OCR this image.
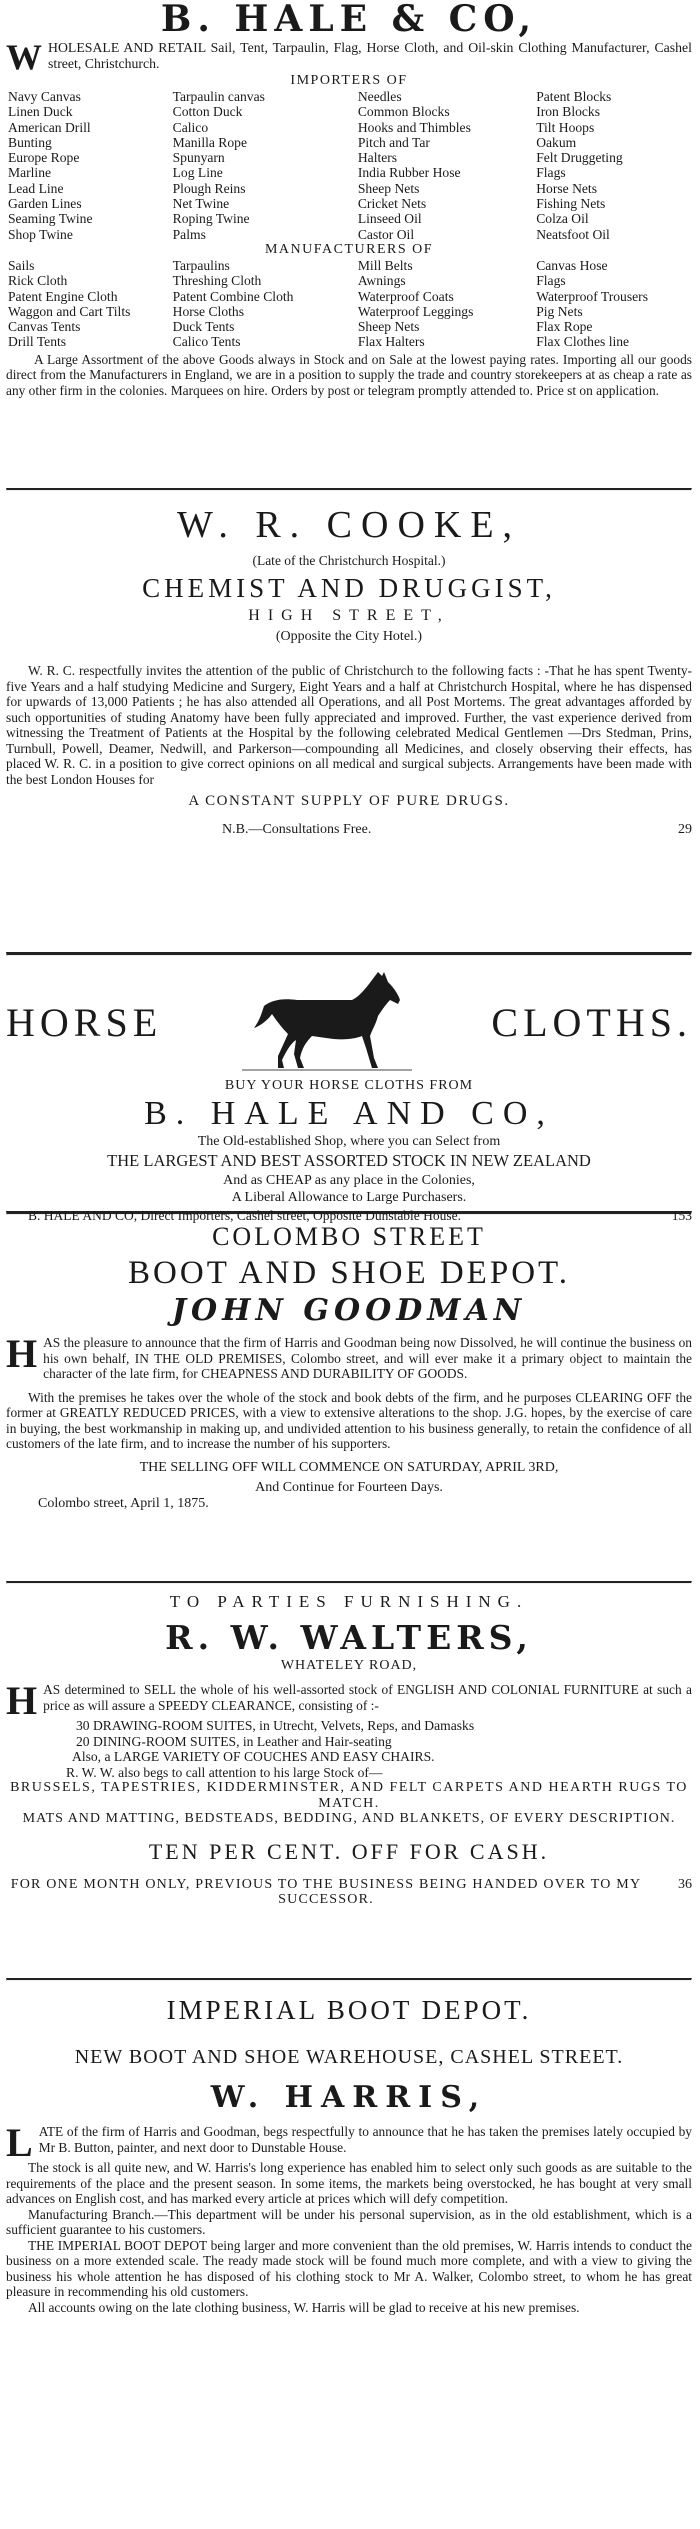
B. HALE & CO,
W HOLESALE AND RETAIL Sail, Tent, Tarpaulin, Flag, Horse Cloth, and Oil-skin Clothing Manufacturer, Cashel street, Christchurch.

IMPORTERS OF
Navy Canvas	Tarpaulin canvas	Needles	Patent Blocks
Linen Duck	Cotton Duck	Common Blocks	Iron Blocks
American Drill	Calico	Hooks and Thimbles	Tilt Hoops
Bunting	Manilla Rope	Pitch and Tar	Oakum
Europe Rope	Spunyarn	Halters	Felt Druggeting
Marline	Log Line	India Rubber Hose	Flags
Lead Line	Plough Reins	Sheep Nets	Horse Nets
Garden Lines	Net Twine	Cricket Nets	Fishing Nets
Seaming Twine	Roping Twine	Linseed Oil	Colza Oil
Shop Twine	Palms	Castor Oil	Neatsfoot Oil
MANUFACTURERS OF
Sails	Tarpaulins	Mill Belts	Canvas Hose
Rick Cloth	Threshing Cloth	Awnings	Flags
Patent Engine Cloth	Patent Combine Cloth	Waterproof Coats	Waterproof Trousers
Waggon and Cart Tilts	Horse Cloths	Waterproof Leggings	Pig Nets
Canvas Tents	Duck Tents	Sheep Nets	Flax Rope
Drill Tents	Calico Tents	Flax Halters	Flax Clothes line

A Large Assortment of the above Goods always in Stock and on Sale at the lowest paying rates. Importing all our goods direct from the Manufacturers in England, we are in a position to supply the trade and country storekeepers at as cheap a rate as any other firm in the colonies. Marquees on hire. Orders by post or telegram promptly attended to. Price st on application.

W. R. COOKE,
(Late of the Christchurch Hospital.)
CHEMIST AND DRUGGIST,
HIGH STREET,
(Opposite the City Hotel.)

W. R. C. respectfully invites the attention of the public of Christchurch to the following facts : -That he has spent Twenty-five Years and a half studying Medicine and Surgery, Eight Years and a half at Christchurch Hospital, where he has dispensed for upwards of 13,000 Patients ; he has also attended all Operations, and all Post Mortems. The great advantages afforded by such opportunities of studing Anatomy have been fully appreciated and improved. Further, the vast experience derived from witnessing the Treatment of Patients at the Hospital by the following celebrated Medical Gentlemen —Drs Stedman, Prins, Turnbull, Powell, Deamer, Nedwill, and Parkerson—compounding all Medicines, and closely observing their effects, has placed W. R. C. in a position to give correct opinions on all medical and surgical subjects. Arrangements have been made with the best London Houses for

A CONSTANT SUPPLY OF PURE DRUGS.
N.B.—Consultations Free.	29
HORSE	CLOTHS.
BUY YOUR HORSE CLOTHS FROM
B. HALE AND CO,
The Old-established Shop, where you can Select from
THE LARGEST AND BEST ASSORTED STOCK IN NEW ZEALAND
And as CHEAP as any place in the Colonies,
A Liberal Allowance to Large Purchasers.
B. HALE AND CO, Direct Importers, Cashel street, Opposite Dunstable House.	153
COLOMBO STREET
BOOT AND SHOE DEPOT.
JOHN GOODMAN
H AS the pleasure to announce that the firm of Harris and Goodman being now Dissolved, he will continue the business on his own behalf, IN THE OLD PREMISES, Colombo street, and will ever make it a primary object to maintain the character of the late firm, for CHEAPNESS AND DURABILITY OF GOODS.

With the premises he takes over the whole of the stock and book debts of the firm, and he purposes CLEARING OFF the former at GREATLY REDUCED PRICES, with a view to extensive alterations to the shop. J.G. hopes, by the exercise of care in buying, the best workmanship in making up, and undivided attention to his business generally, to retain the confidence of all customers of the late firm, and to increase the number of his supporters.

THE SELLING OFF WILL COMMENCE ON SATURDAY, APRIL 3RD,
And Continue for Fourteen Days.
Colombo street, April 1, 1875.
TO PARTIES FURNISHING.
R. W. WALTERS,
WHATELEY ROAD,
H AS determined to SELL the whole of his well-assorted stock of ENGLISH AND COLONIAL FURNITURE at such a price as will assure a SPEEDY CLEARANCE, consisting of :-

30 DRAWING-ROOM SUITES, in Utrecht, Velvets, Reps, and Damasks
20 DINING-ROOM SUITES, in Leather and Hair-seating
Also, a LARGE VARIETY OF COUCHES AND EASY CHAIRS.
R. W. W. also begs to call attention to his large Stock of—

BRUSSELS, TAPESTRIES, KIDDERMINSTER, AND FELT CARPETS AND HEARTH RUGS TO MATCH.

MATS AND MATTING, BEDSTEADS, BEDDING, AND BLANKETS, OF EVERY DESCRIPTION.

TEN PER CENT. OFF FOR CASH.

FOR ONE MONTH ONLY, PREVIOUS TO THE BUSINESS BEING HANDED OVER TO MY SUCCESSOR.

36
IMPERIAL BOOT DEPOT.
NEW BOOT AND SHOE WAREHOUSE, CASHEL STREET.
W. HARRIS,
L ATE of the firm of Harris and Goodman, begs respectfully to announce that he has taken the premises lately occupied by Mr B. Button, painter, and next door to Dunstable House.

The stock is all quite new, and W. Harris's long experience has enabled him to select only such goods as are suitable to the requirements of the place and the present season. In some items, the markets being overstocked, he has bought at very small advances on English cost, and has marked every article at prices which will defy competition.

Manufacturing Branch.—This department will be under his personal supervision, as in the old establishment, which is a sufficient guarantee to his customers.

THE IMPERIAL BOOT DEPOT being larger and more convenient than the old premises, W. Harris intends to conduct the business on a more extended scale. The ready made stock will be found much more complete, and with a view to giving the business his whole attention he has disposed of his clothing stock to Mr A. Walker, Colombo street, to whom he has great pleasure in recommending his old customers.

All accounts owing on the late clothing business, W. Harris will be glad to receive at his new premises.
